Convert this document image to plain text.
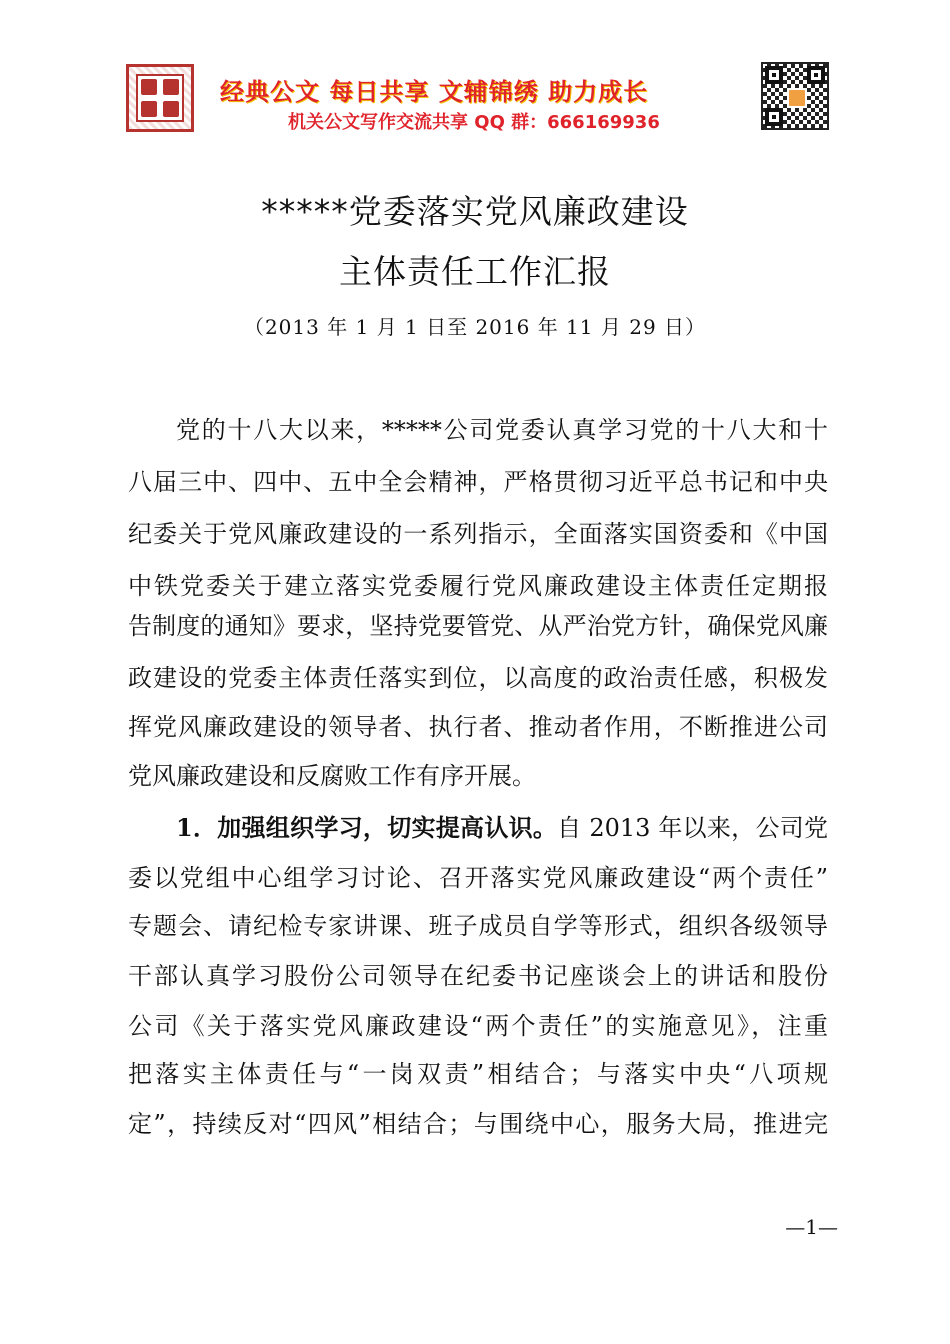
经典公文 每日共享 文辅锦绣 助力成长
机关公文写作交流共享 QQ 群：666169936
*****党委落实党风廉政建设
主体责任工作汇报
（2013 年 1 月 1 日至 2016 年 11 月 29 日）
党的十八大以来，*****公司党委认真学习党的十八大和十
八届三中、四中、五中全会精神，严格贯彻习近平总书记和中央
纪委关于党风廉政建设的一系列指示，全面落实国资委和《中国
中铁党委关于建立落实党委履行党风廉政建设主体责任定期报
告制度的通知》要求，坚持党要管党、从严治党方针，确保党风廉
政建设的党委主体责任落实到位，以高度的政治责任感，积极发
挥党风廉政建设的领导者、执行者、推动者作用，不断推进公司
党风廉政建设和反腐败工作有序开展。
1．加强组织学习，切实提高认识。自 2013 年以来，公司党
委以党组中心组学习讨论、召开落实党风廉政建设“两个责任”
专题会、请纪检专家讲课、班子成员自学等形式，组织各级领导
干部认真学习股份公司领导在纪委书记座谈会上的讲话和股份
公司《关于落实党风廉政建设“两个责任”的实施意见》，注重
把落实主体责任与“一岗双责”相结合；与落实中央“八项规
定”，持续反对“四风”相结合；与围绕中心，服务大局，推进完
—1—
